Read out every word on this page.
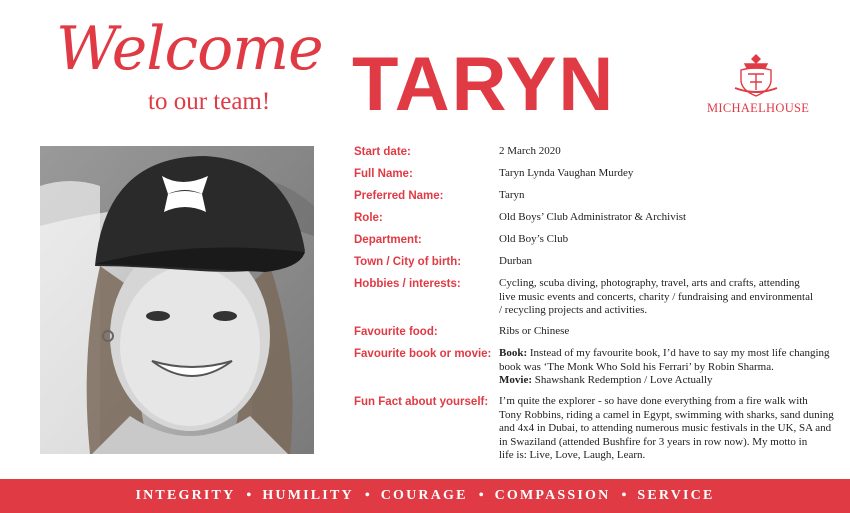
Welcome
to our team! TARYN	MICHAELHOUSE
Start date:	2 March 2020
Full Name:	Taryn Lynda Vaughan Murdey
Preferred Name:	Taryn
Role:	Old Boys’ Club Administrator & Archivist
Department:	Old Boy’s Club
Town / City of birth:	Durban
Hobbies / interests:	Cycling, scuba diving, photography, travel, arts and crafts, attending
live music events and concerts, charity / fundraising and environmental
/ recycling projects and activities.
Favourite food:	Ribs or Chinese
Favourite book or movie: Book: Instead of my favourite book, I’d have to say my most life changing
book was ‘The Monk Who Sold his Ferrari’ by Robin Sharma.
Movie: Shawshank Redemption / Love Actually
Fun Fact about yourself: I’m quite the explorer - so have done everything from a fire walk with
Tony Robbins, riding a camel in Egypt, swimming with sharks, sand duning
and 4x4 in Dubai, to attending numerous music festivals in the UK, SA and
in Swaziland (attended Bushfire for 3 years in row now). My motto in
life is: Live, Love, Laugh, Learn.
INTEGRITY • HUMILITY • COURAGE • COMPASSION • SERVICE
